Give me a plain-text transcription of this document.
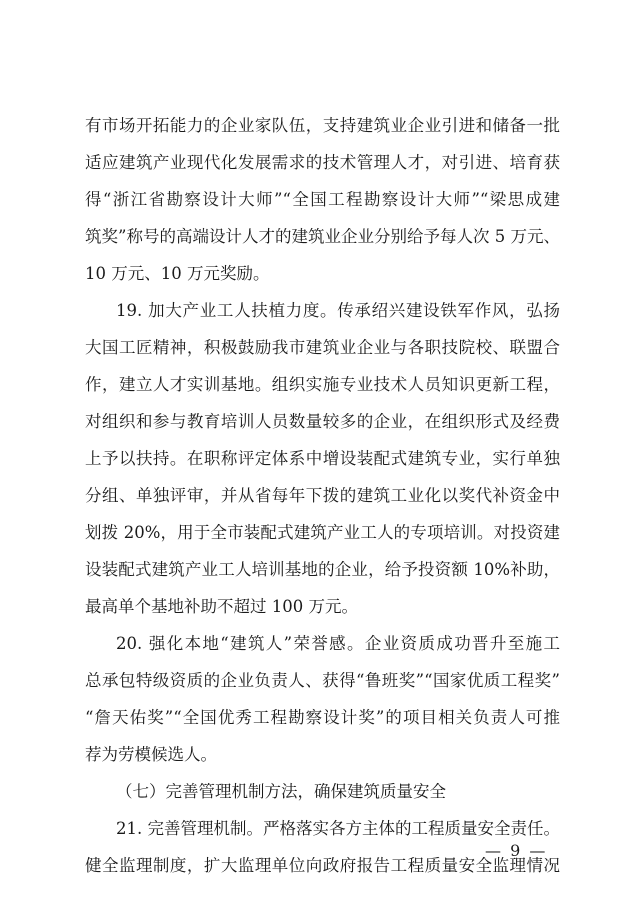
有市场开拓能力的企业家队伍，支持建筑业企业引进和储备一批
适应建筑产业现代化发展需求的技术管理人才，对引进、培育获
得“浙江省勘察设计大师”“全国工程勘察设计大师”“梁思成建
筑奖”称号的高端设计人才的建筑业企业分别给予每人次 5 万元、
10 万元、10 万元奖励。
19. 加大产业工人扶植力度。传承绍兴建设铁军作风，弘扬
大国工匠精神，积极鼓励我市建筑业企业与各职技院校、联盟合
作，建立人才实训基地。组织实施专业技术人员知识更新工程，
对组织和参与教育培训人员数量较多的企业，在组织形式及经费
上予以扶持。在职称评定体系中增设装配式建筑专业，实行单独
分组、单独评审，并从省每年下拨的建筑工业化以奖代补资金中
划拨 20%，用于全市装配式建筑产业工人的专项培训。对投资建
设装配式建筑产业工人培训基地的企业，给予投资额 10%补助，
最高单个基地补助不超过 100 万元。
20. 强化本地“建筑人”荣誉感。企业资质成功晋升至施工
总承包特级资质的企业负责人、获得“鲁班奖”“国家优质工程奖”
“詹天佑奖”“全国优秀工程勘察设计奖”的项目相关负责人可推
荐为劳模候选人。
（七）完善管理机制方法，确保建筑质量安全
21. 完善管理机制。严格落实各方主体的工程质量安全责任。
健全监理制度，扩大监理单位向政府报告工程质量安全监理情况
— 9 —
